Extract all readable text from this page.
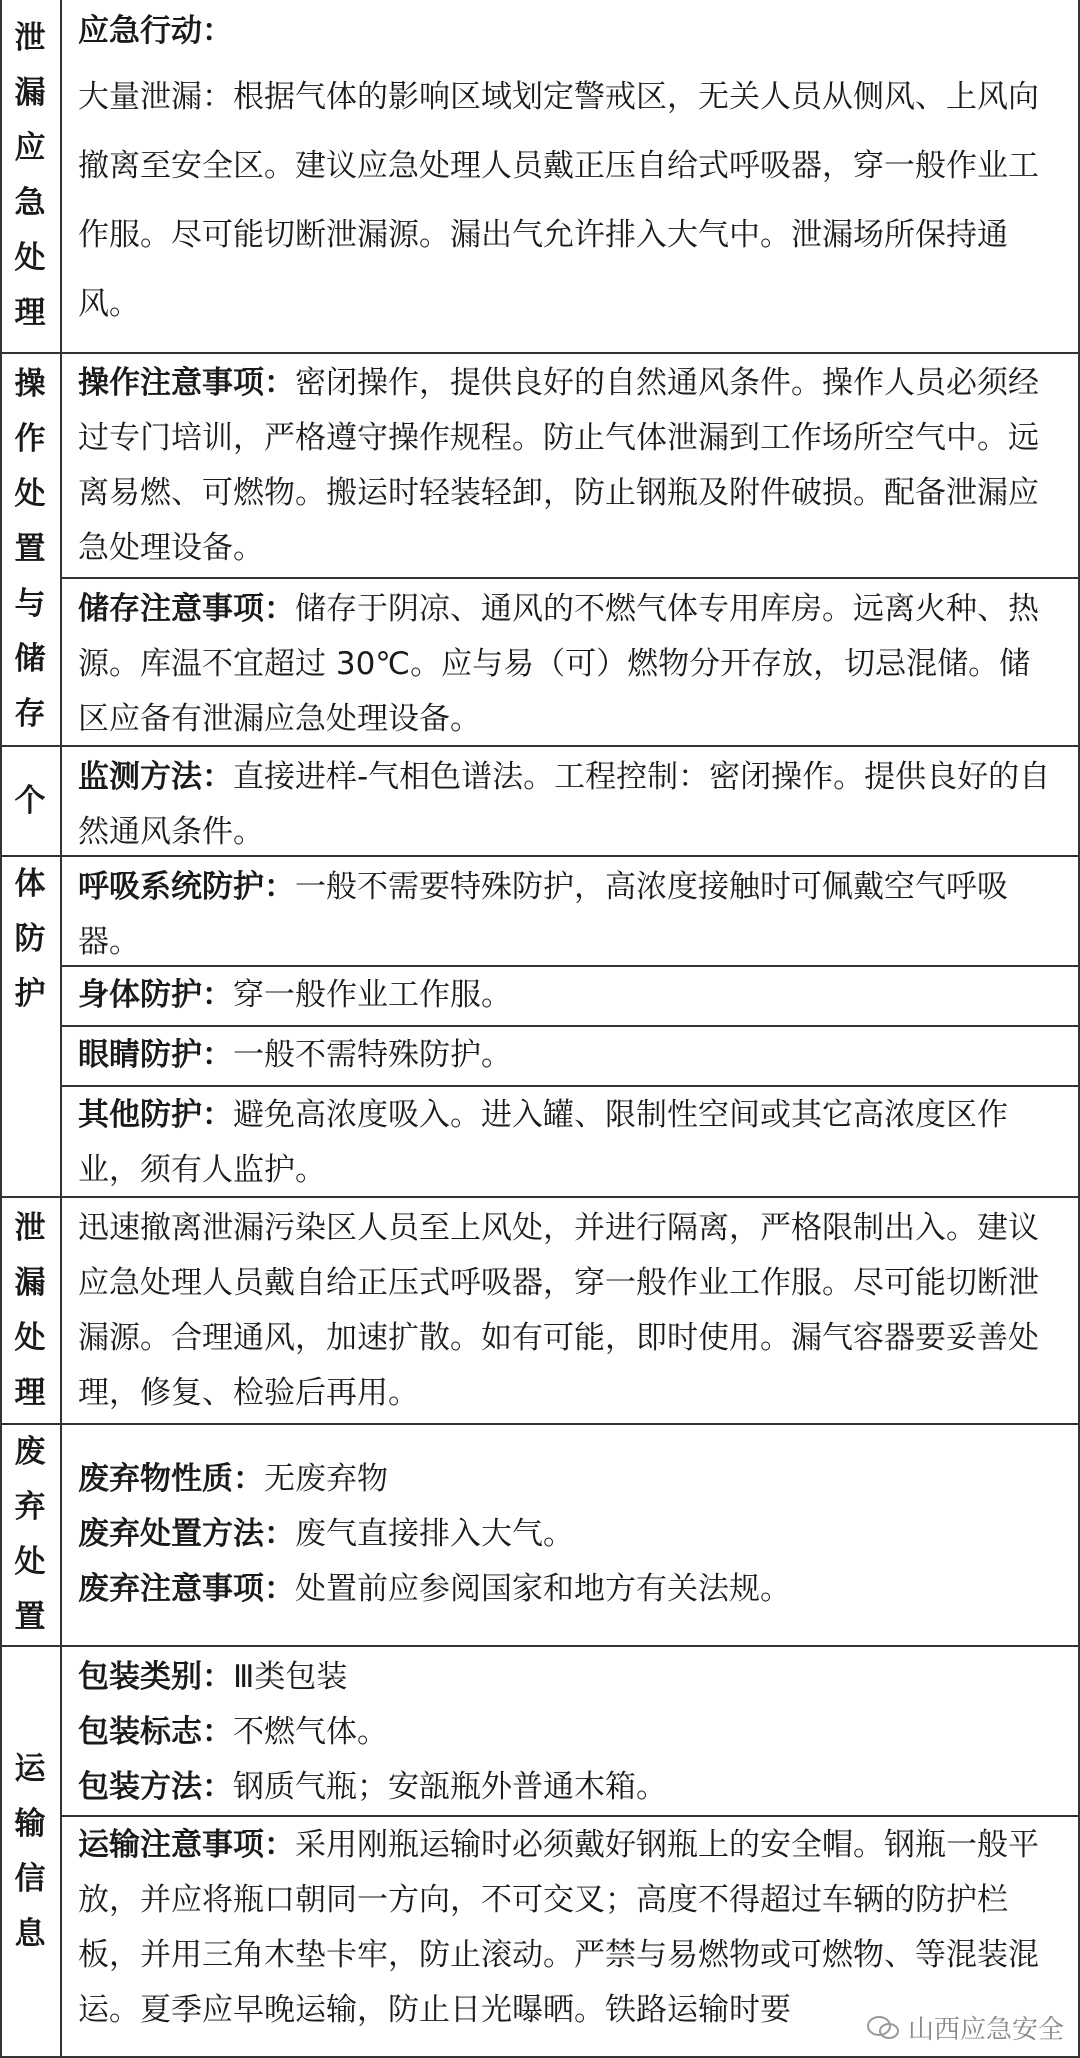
泄
漏
应
急
处
理
应急行动：
大量泄漏：根据气体的影响区域划定警戒区，无关人员从侧风、上风向撤离至安全区。建议应急处理人员戴正压自给式呼吸器，穿一般作业工作服。尽可能切断泄漏源。漏出气允许排入大气中。泄漏场所保持通风。
操
作
处
置
与
储
存
操作注意事项：密闭操作，提供良好的自然通风条件。操作人员必须经过专门培训，严格遵守操作规程。防止气体泄漏到工作场所空气中。远离易燃、可燃物。搬运时轻装轻卸，防止钢瓶及附件破损。配备泄漏应急处理设备。
储存注意事项：储存于阴凉、通风的不燃气体专用库房。远离火种、热源。库温不宜超过 30℃。应与易（可）燃物分开存放，切忌混储。储区应备有泄漏应急处理设备。
个
体
防
护
监测方法：直接进样-气相色谱法。工程控制：密闭操作。提供良好的自然通风条件。
呼吸系统防护：一般不需要特殊防护，高浓度接触时可佩戴空气呼吸器。
身体防护：穿一般作业工作服。
眼睛防护：一般不需特殊防护。
其他防护：避免高浓度吸入。进入罐、限制性空间或其它高浓度区作业，须有人监护。
泄
漏
处
理
迅速撤离泄漏污染区人员至上风处，并进行隔离，严格限制出入。建议应急处理人员戴自给正压式呼吸器，穿一般作业工作服。尽可能切断泄漏源。合理通风，加速扩散。如有可能，即时使用。漏气容器要妥善处理，修复、检验后再用。
废
弃
处
置
废弃物性质：无废弃物
废弃处置方法：废气直接排入大气。
废弃注意事项：处置前应参阅国家和地方有关法规。
运
输
信
息
包装类别：Ⅲ类包装
包装标志：不燃气体。
包装方法：钢质气瓶；安瓿瓶外普通木箱。
运输注意事项：采用刚瓶运输时必须戴好钢瓶上的安全帽。钢瓶一般平放，并应将瓶口朝同一方向，不可交叉；高度不得超过车辆的防护栏板，并用三角木垫卡牢，防止滚动。严禁与易燃物或可燃物、等混装混运。夏季应早晚运输，防止日光曝晒。铁路运输时要
山西应急安全
